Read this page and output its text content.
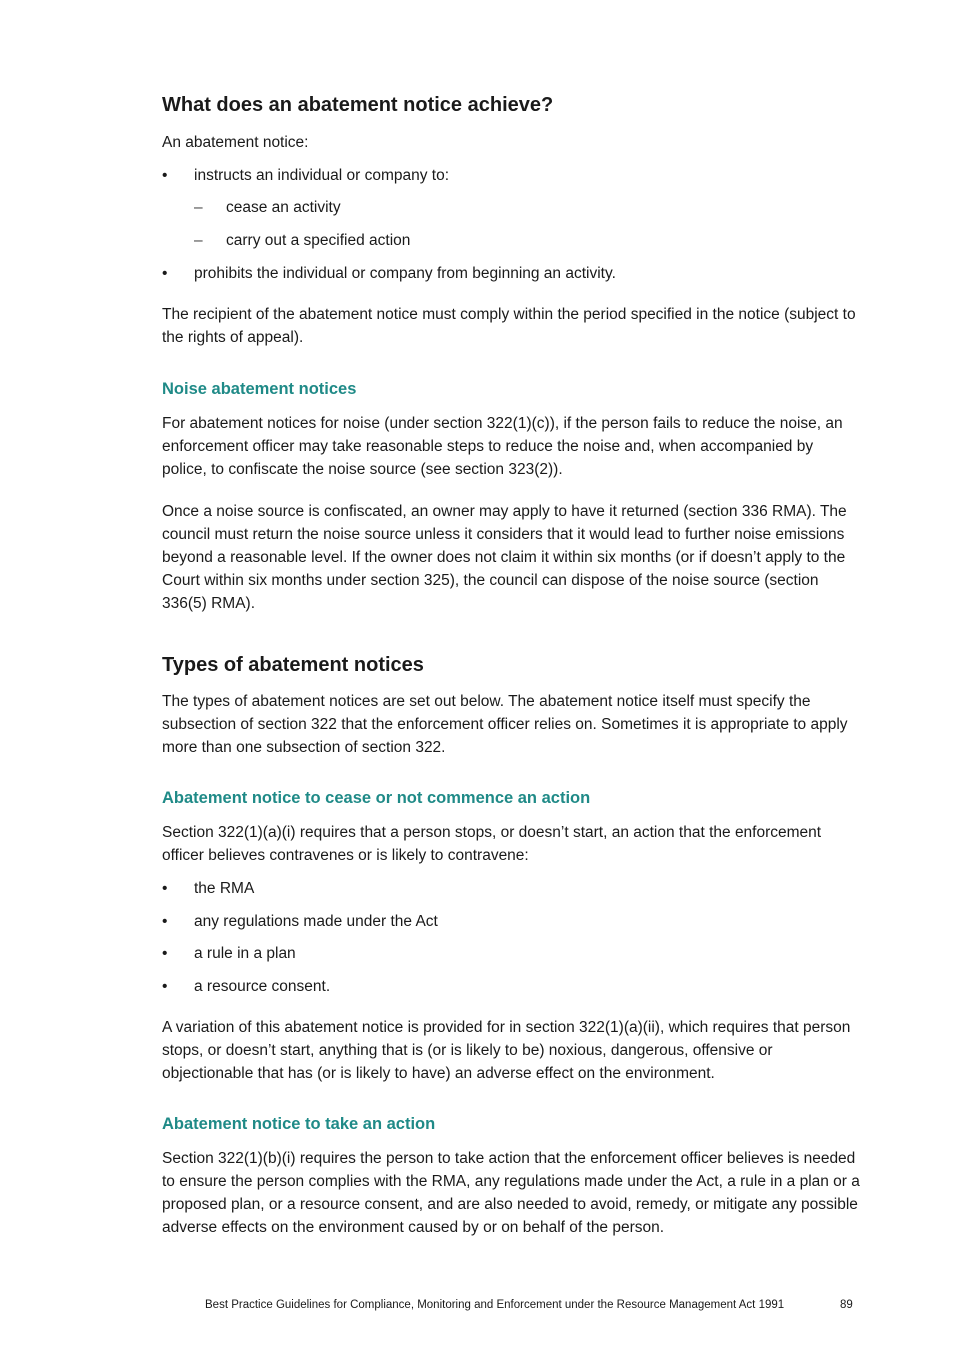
What does an abatement notice achieve?

An abatement notice:

• instructs an individual or company to:
– cease an activity
– carry out a specified action
• prohibits the individual or company from beginning an activity.

The recipient of the abatement notice must comply within the period specified in the notice (subject to the rights of appeal).

Noise abatement notices

For abatement notices for noise (under section 322(1)(c)), if the person fails to reduce the noise, an enforcement officer may take reasonable steps to reduce the noise and, when accompanied by police, to confiscate the noise source (see section 323(2)).

Once a noise source is confiscated, an owner may apply to have it returned (section 336 RMA). The council must return the noise source unless it considers that it would lead to further noise emissions beyond a reasonable level. If the owner does not claim it within six months (or if doesn’t apply to the Court within six months under section 325), the council can dispose of the noise source (section 336(5) RMA).

Types of abatement notices

The types of abatement notices are set out below. The abatement notice itself must specify the subsection of section 322 that the enforcement officer relies on. Sometimes it is appropriate to apply more than one subsection of section 322.

Abatement notice to cease or not commence an action

Section 322(1)(a)(i) requires that a person stops, or doesn’t start, an action that the enforcement officer believes contravenes or is likely to contravene:

• the RMA
• any regulations made under the Act
• a rule in a plan
• a resource consent.

A variation of this abatement notice is provided for in section 322(1)(a)(ii), which requires that person stops, or doesn’t start, anything that is (or is likely to be) noxious, dangerous, offensive or objectionable that has (or is likely to have) an adverse effect on the environment.

Abatement notice to take an action

Section 322(1)(b)(i) requires the person to take action that the enforcement officer believes is needed to ensure the person complies with the RMA, any regulations made under the Act, a rule in a plan or a proposed plan, or a resource consent, and are also needed to avoid, remedy, or mitigate any possible adverse effects on the environment caused by or on behalf of the person.

Best Practice Guidelines for Compliance, Monitoring and Enforcement under the Resource Management Act 1991	89
